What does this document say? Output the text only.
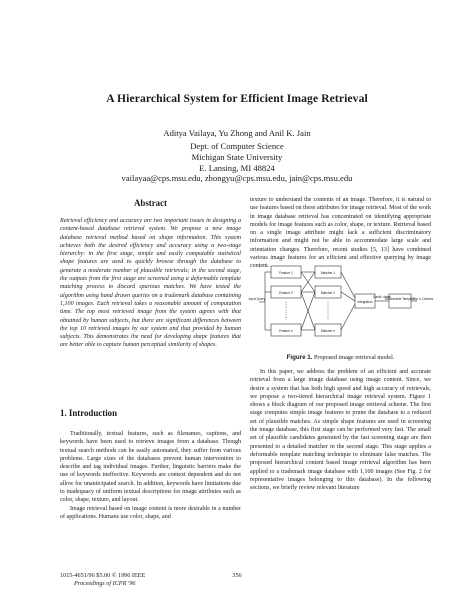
A Hierarchical System for Efficient Image Retrieval
Aditya Vailaya, Yu Zhong and Anil K. Jain
Dept. of Computer Science
Michigan State University
E. Lansing, MI 48824
vailayaa@cps.msu.edu, zhongyu@cps.msu.edu, jain@cps.msu.edu
Abstract

Retrieval efficiency and accuracy are two important issues in designing a content-based database retrieval system. We propose a new image database retrieval method based on shape information. This system achieves both the desired efficiency and accuracy using a two-stage hierarchy: in the first stage, simple and easily computable statistical shape features are used to quickly browse through the database to generate a moderate number of plausible retrievals; in the second stage, the outputs from the first stage are screened using a deformable template matching process to discard spurious matches. We have tested the algorithm using hand drawn queries on a trademark database containing 1,100 images. Each retrieval takes a reasonable amount of computation time. The top most retrieved image from the system agrees with that obtained by human subjects, but there are significant differences between the top 10 retrieved images by our system and that provided by human subjects. This demonstrates the need for developing shape features that are better able to capture human perceptual similarity of shapes.

1. Introduction

Traditionally, textual features, such as filenames, captions, and keywords have been used to retrieve images from a database. Though textual search methods can be easily automated, they suffer from various problems. Large sizes of the databases prevent human intervention to describe and tag individual images. Further, linguistic barriers make the use of keywords ineffective. Keywords are context dependent and do not allow for unanticipated search. In addition, keywords have limitations due to inadequacy of uniform textual descriptions for image attributes such as color, shape, texture, and layout.

Image retrieval based on image content is more desirable in a number of applications. Humans use color, shape, and

texture to understand the contents of an image. Therefore, it is natural to use features based on these attributes for image retrieval. Most of the work in image database retrieval has concentrated on identifying appropriate models for image features such as color, shape, or texture. Retrieval based on a single image attribute might lack a sufficient discriminatory information and might not be able to accommodate large scale and orientation changes. Therefore, recent studies [5, 13] have combined various image features for an efficient and effective querying by image content.

Feature 1
Feature 2
Feature n
Matcher 1
Matcher 2
Matcher n
Integration
Deformable Template
Candi- dates	Top n Choices
Input Query
Figure 1. Proposed image retrieval model.

In this paper, we address the problem of an efficient and accurate retrieval from a large image database using image content. Since, we desire a system that has both high speed and high accuracy of retrievals, we propose a two-tiered hierarchical image retrieval system. Figure 1 shows a block diagram of our proposed image retrieval scheme. The first stage computes simple image features to prune the database to a reduced set of plausible matches. As simple shape features are used in screening the image database, this first stage can be performed very fast. The small set of plausible candidates generated by the fast screening stage are then presented to a detailed matcher in the second stage. This stage applies a deformable template matching technique to eliminate false matches. The proposed hierarchical content based image retrieval algorithm has been applied to a trademark image database with 1,100 images (See Fig. 2 for representative images belonging to this database). In the following sections, we briefly review relevant literature

1015-4651/96 $5.00 © 1996 IEEE
Proceedings of ICPR '96
356
